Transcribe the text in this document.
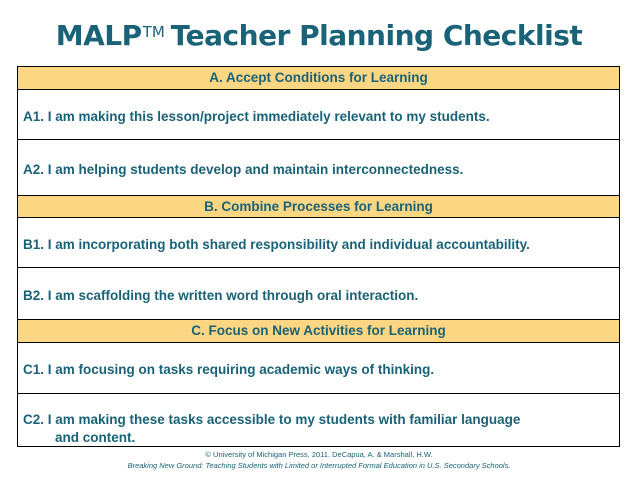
MALP™ Teacher Planning Checklist
A. Accept Conditions for Learning
A1. I am making this lesson/project immediately relevant to my students.
A2. I am helping students develop and maintain interconnectedness.
B. Combine Processes for Learning
B1. I am incorporating both shared responsibility and individual accountability.
B2. I am scaffolding the written word through oral interaction.
C. Focus on New Activities for Learning
C1. I am focusing on tasks requiring academic ways of thinking.
C2. I am making these tasks accessible to my students with familiar language
and content.
© University of Michigan Press, 2011. DeCapua, A. & Marshall, H.W.
Breaking New Ground: Teaching Students with Limited or Interrupted Formal Education in U.S. Secondary Schools.
